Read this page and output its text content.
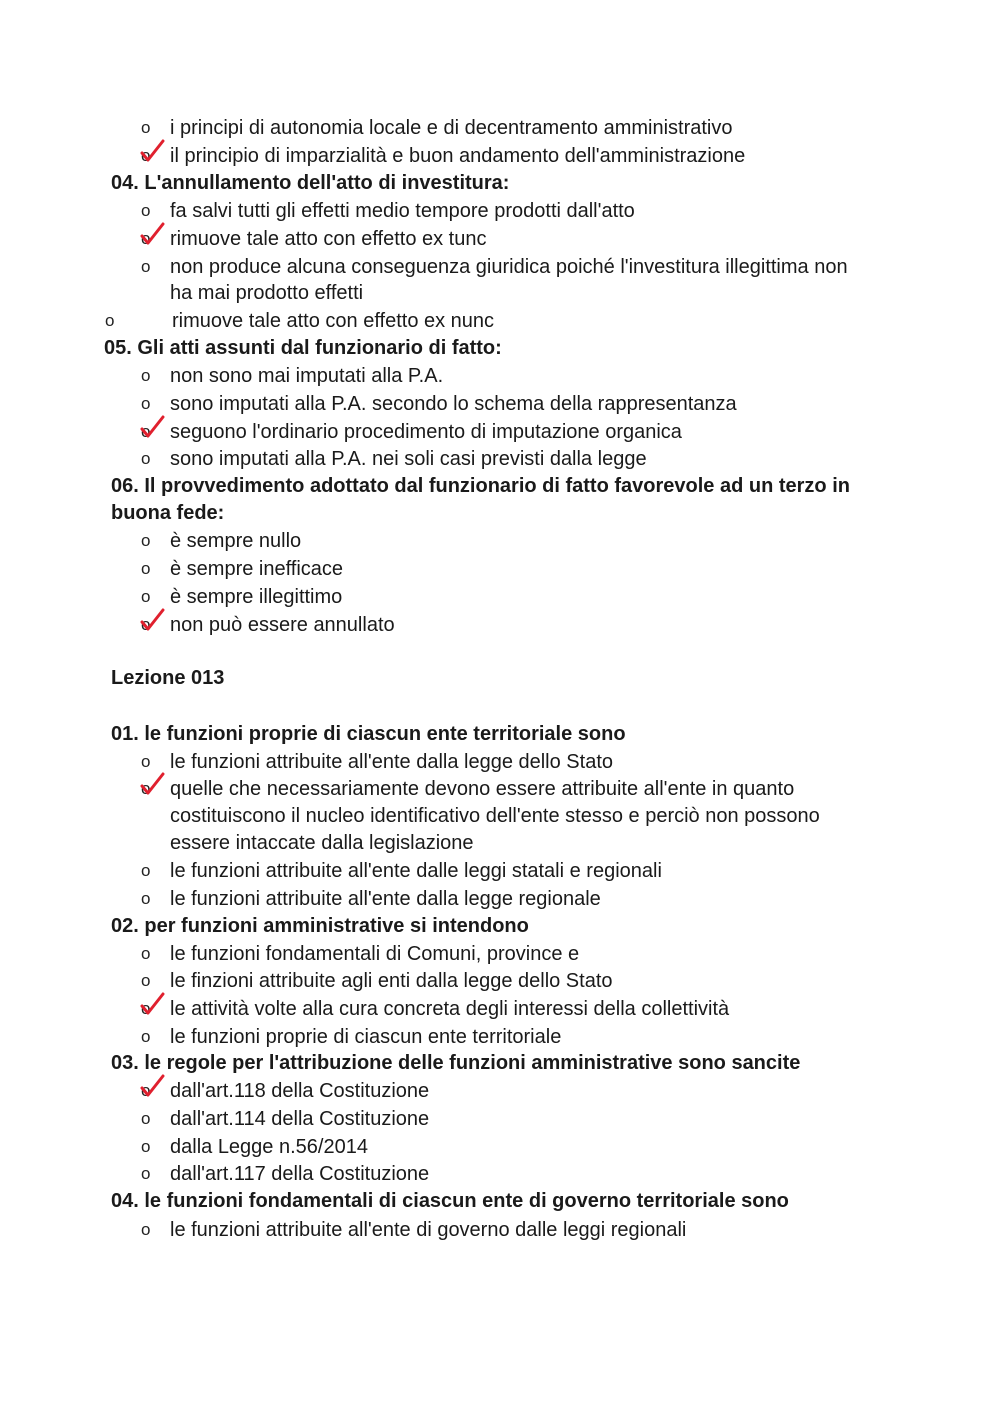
o i principi di autonomia locale e di decentramento amministrativo
o il principio di imparzialità e buon andamento dell'amministrazione
04. L'annullamento dell'atto di investitura:
o fa salvi tutti gli effetti medio tempore prodotti dall'atto
o rimuove tale atto con effetto ex tunc
o non produce alcuna conseguenza giuridica poiché l'investitura illegittima non
ha mai prodotto effetti
o	rimuove tale atto con effetto ex nunc
05. Gli atti assunti dal funzionario di fatto:
o non sono mai imputati alla P.A.
o sono imputati alla P.A. secondo lo schema della rappresentanza
o seguono l'ordinario procedimento di imputazione organica
o sono imputati alla P.A. nei soli casi previsti dalla legge
06. Il provvedimento adottato dal funzionario di fatto favorevole ad un terzo in
buona fede:
o è sempre nullo
o è sempre inefficace
o è sempre illegittimo
o non può essere annullato
Lezione 013
01. le funzioni proprie di ciascun ente territoriale sono
o le funzioni attribuite all'ente dalla legge dello Stato
o quelle che necessariamente devono essere attribuite all'ente in quanto
costituiscono il nucleo identificativo dell'ente stesso e perciò non possono
essere intaccate dalla legislazione
o le funzioni attribuite all'ente dalle leggi statali e regionali
o le funzioni attribuite all'ente dalla legge regionale
02. per funzioni amministrative si intendono
o le funzioni fondamentali di Comuni, province e
o le finzioni attribuite agli enti dalla legge dello Stato
o le attività volte alla cura concreta degli interessi della collettività
o le funzioni proprie di ciascun ente territoriale
03. le regole per l'attribuzione delle funzioni amministrative sono sancite
o dall'art.118 della Costituzione
o dall'art.114 della Costituzione
o dalla Legge n.56/2014
o dall'art.117 della Costituzione
04. le funzioni fondamentali di ciascun ente di governo territoriale sono
o le funzioni attribuite all'ente di governo dalle leggi regionali
